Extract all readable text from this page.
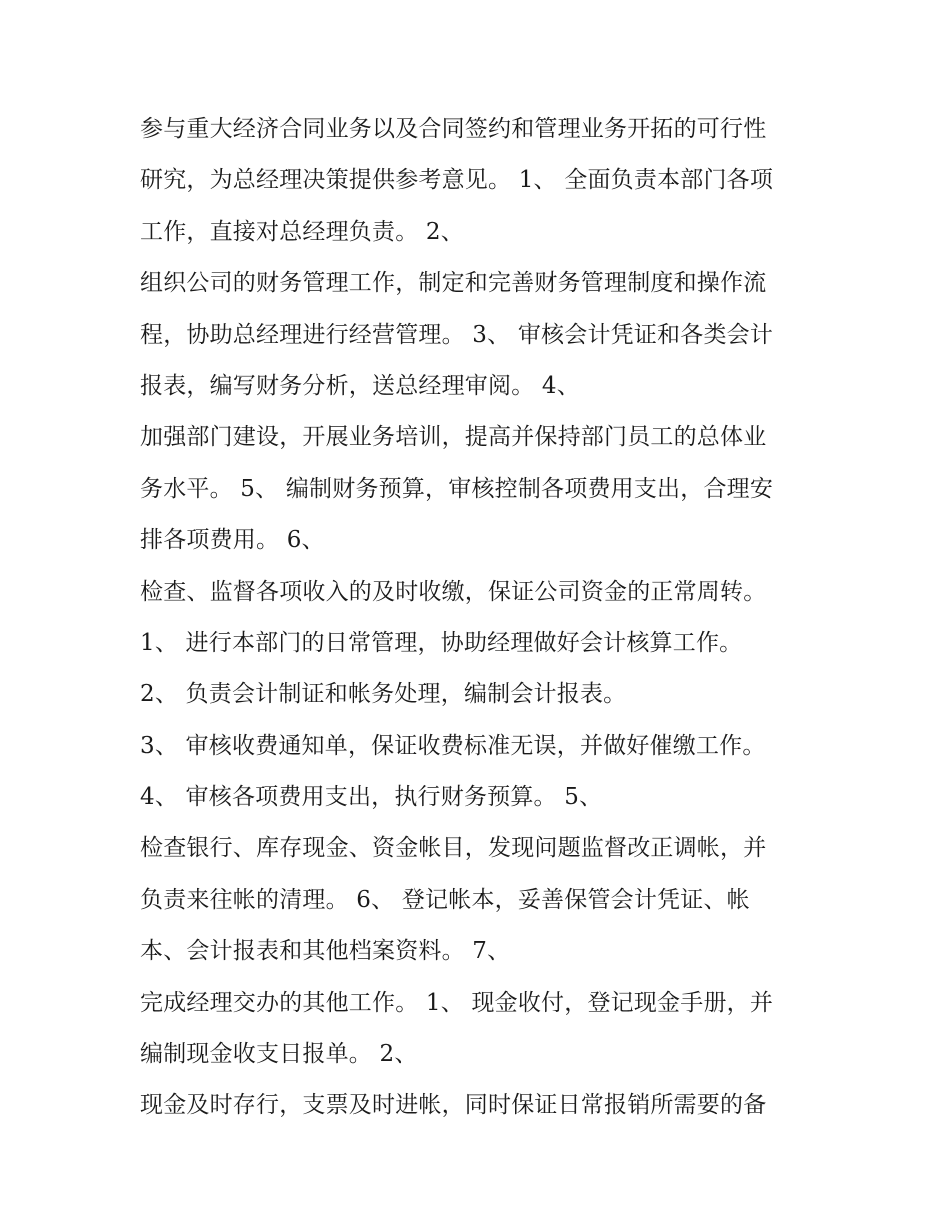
参与重大经济合同业务以及合同签约和管理业务开拓的可行性
研究，为总经理决策提供参考意见。 1、 全面负责本部门各项
工作，直接对总经理负责。 2、
组织公司的财务管理工作，制定和完善财务管理制度和操作流
程，协助总经理进行经营管理。 3、 审核会计凭证和各类会计
报表，编写财务分析，送总经理审阅。 4、
加强部门建设，开展业务培训，提高并保持部门员工的总体业
务水平。 5、 编制财务预算，审核控制各项费用支出，合理安
排各项费用。 6、
检查、监督各项收入的及时收缴，保证公司资金的正常周转。
1、 进行本部门的日常管理，协助经理做好会计核算工作。
2、 负责会计制证和帐务处理，编制会计报表。
3、 审核收费通知单，保证收费标准无误，并做好催缴工作。
4、 审核各项费用支出，执行财务预算。 5、
检查银行、库存现金、资金帐目，发现问题监督改正调帐，并
负责来往帐的清理。 6、 登记帐本，妥善保管会计凭证、帐
本、会计报表和其他档案资料。 7、
完成经理交办的其他工作。 1、 现金收付，登记现金手册，并
编制现金收支日报单。 2、
现金及时存行，支票及时进帐，同时保证日常报销所需要的备
